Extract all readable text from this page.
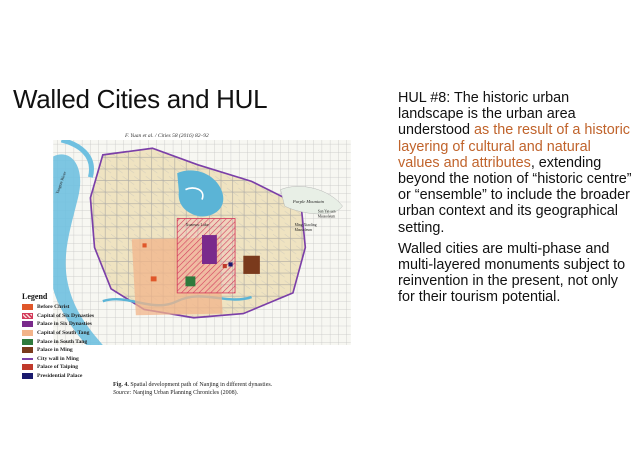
Walled Cities and HUL
F. Yuan et al. / Cities 58 (2016) 82–92
Yangtze River
Xuanwu Lake
Purple Mountain
Sun Yat-sen
Mausoleum
Ming Xiaoling
Mausoleum
Legend
Before Christ
Capital of Six Dynasties
Palace in Six Dynasties
Capital of South Tang
Palace in South Tang
Palace in Ming
City wall in Ming
Palace of Taiping
Presidential Palace
Fig. 4. Spatial development path of Nanjing in different dynasties.
Source: Nanjing Urban Planning Chronicles (2008).

HUL #8: The historic urban landscape is the urban area understood as the result of a historic layering of cultural and natural values and attributes, extending beyond the notion of “historic centre” or “ensemble” to include the broader urban context and its geographical setting.

Walled cities are multi-phase and multi-layered monuments subject to reinvention in the present, not only for their tourism potential.
